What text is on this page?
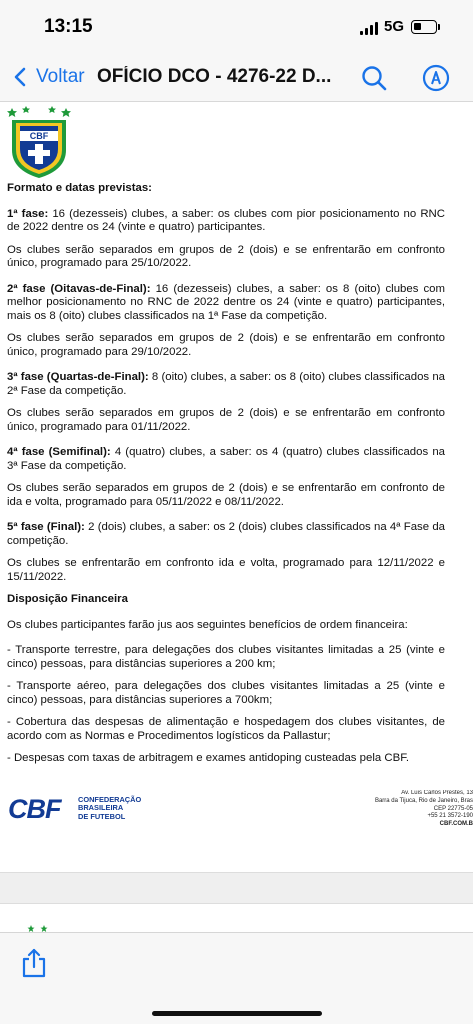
13:15	5G
Voltar OFÍCIO DCO - 4276-22 D...
CBF

Formato e datas previstas:

1ª fase: 16 (dezesseis) clubes, a saber: os clubes com pior posicionamento no RNC de 2022 dentre os 24 (vinte e quatro) participantes.

Os clubes serão separados em grupos de 2 (dois) e se enfrentarão em confronto único, programado para 25/10/2022.

2ª fase (Oitavas-de-Final): 16 (dezesseis) clubes, a saber: os 8 (oito) clubes com melhor posicionamento no RNC de 2022 dentre os 24 (vinte e quatro) participantes, mais os 8 (oito) clubes classificados na 1ª Fase da competição.

Os clubes serão separados em grupos de 2 (dois) e se enfrentarão em confronto único, programado para 29/10/2022.

3ª fase (Quartas-de-Final): 8 (oito) clubes, a saber: os 8 (oito) clubes classificados na 2ª Fase da competição.

Os clubes serão separados em grupos de 2 (dois) e se enfrentarão em confronto único, programado para 01/11/2022.

4ª fase (Semifinal): 4 (quatro) clubes, a saber: os 4 (quatro) clubes classificados na 3ª Fase da competição.

Os clubes serão separados em grupos de 2 (dois) e se enfrentarão em confronto de ida e volta, programado para 05/11/2022 e 08/11/2022.

5ª fase (Final): 2 (dois) clubes, a saber: os 2 (dois) clubes classificados na 4ª Fase da competição.

Os clubes se enfrentarão em confronto ida e volta, programado para 12/11/2022 e 15/11/2022.

Disposição Financeira

Os clubes participantes farão jus aos seguintes benefícios de ordem financeira:

- Transporte terrestre, para delegações dos clubes visitantes limitadas a 25 (vinte e cinco) pessoas, para distâncias superiores a 200 km;

- Transporte aéreo, para delegações dos clubes visitantes limitadas a 25 (vinte e cinco) pessoas, para distâncias superiores a 700km;

- Cobertura das despesas de alimentação e hospedagem dos clubes visitantes, de acordo com as Normas e Procedimentos logísticos da Pallastur;

- Despesas com taxas de arbitragem e exames antidoping custeadas pela CBF.

CBF CONFEDERAÇÃO
BRASILEIRA
DE FUTEBOL
Av. Luis Carlos Prestes, 13
Barra da Tijuca, Rio de Janeiro, Bras
CEP 22775-05
+55 21 3572-190
CBF.COM.B
